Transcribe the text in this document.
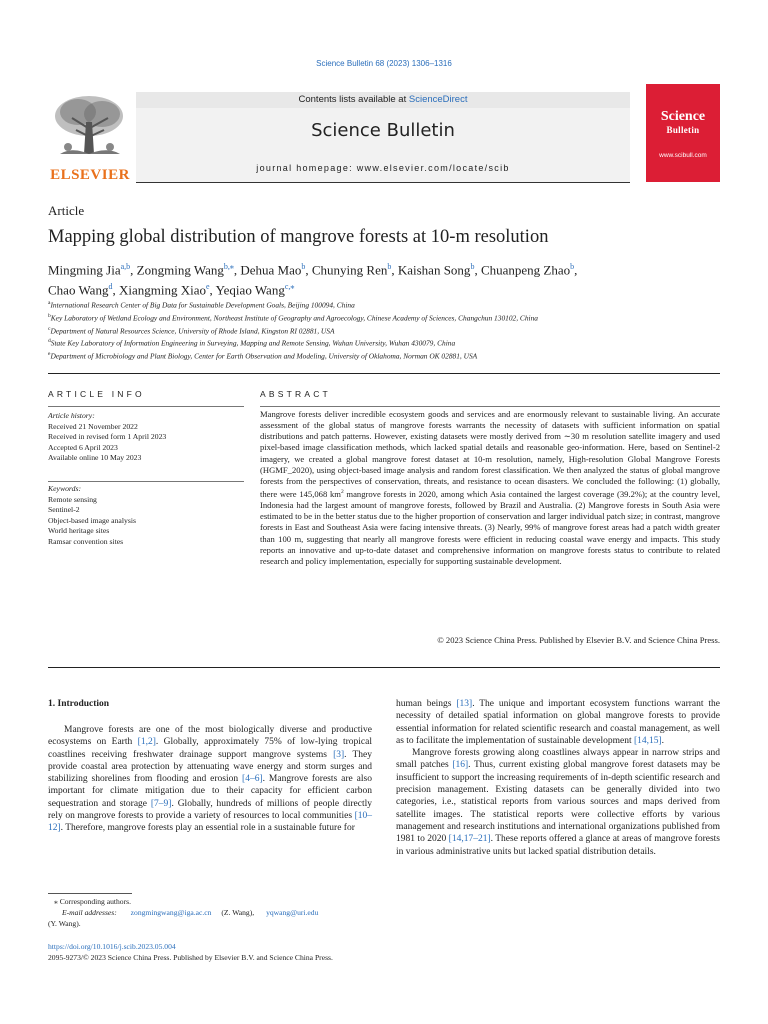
Science Bulletin 68 (2023) 1306–1316
ELSEVIER
Contents lists available at ScienceDirect
Science Bulletin
journal homepage: www.elsevier.com/locate/scib
Science
Bulletin
www.scibull.com
Article
Mapping global distribution of mangrove forests at 10-m resolution
Mingming Jia$^{a,b}$, Zongming Wang$^{b,⁎}$, Dehua Mao$^b$, Chunying Ren$^b$, Kaishan Song$^b$, Chuanpeng Zhao$^b$,
Chao Wang$^d$, Xiangming Xiao$^e$, Yeqiao Wang$^{c,⁎}$
$^a$International Research Center of Big Data for Sustainable Development Goals, Beijing 100094, China
$^b$Key Laboratory of Wetland Ecology and Environment, Northeast Institute of Geography and Agroecology, Chinese Academy of Sciences, Changchun 130102, China
$^c$Department of Natural Resources Science, University of Rhode Island, Kingston RI 02881, USA
$^d$State Key Laboratory of Information Engineering in Surveying, Mapping and Remote Sensing, Wuhan University, Wuhan 430079, China
$^e$Department of Microbiology and Plant Biology, Center for Earth Observation and Modeling, University of Oklahoma, Norman OK 02881, USA
ARTICLE INFO
Article history:
Received 21 November 2022
Received in revised form 1 April 2023
Accepted 6 April 2023
Available online 10 May 2023
Keywords:
Remote sensing
Sentinel-2
Object-based image analysis
World heritage sites
Ramsar convention sites
ABSTRACT
Mangrove forests deliver incredible ecosystem goods and services and are enormously relevant to sustainable living. An accurate assessment of the global status of mangrove forests warrants the necessity of datasets with sufficient information on spatial distributions and patch patterns. However, existing datasets were mostly derived from ∼30 m resolution satellite imagery and used pixel-based image classification methods, which lacked spatial details and reasonable geo-information. Here, based on Sentinel-2 imagery, we created a global mangrove forest dataset at 10-m resolution, namely, High-resolution Global Mangrove Forests (HGMF_2020), using object-based image analysis and random forest classification. We then analyzed the status of global mangrove forests from the perspectives of conservation, threats, and resistance to ocean disasters. We concluded the following: (1) globally, there were 145,068 $km^2$ mangrove forests in 2020, among which Asia contained the largest coverage (39.2%); at the country level, Indonesia had the largest amount of mangrove forests, followed by Brazil and Australia. (2) Mangrove forests in South Asia were estimated to be in the better status due to the higher proportion of conservation and larger individual patch size; in contrast, mangrove forests in East and Southeast Asia were facing intensive threats. (3) Nearly, 99% of mangrove forest areas had a patch width greater than 100 m, suggesting that nearly all mangrove forests were efficient in reducing coastal wave energy and impacts. This study reports an innovative and up-to-date dataset and comprehensive information on mangrove forests status to contribute to related research and policy implementation, especially for supporting sustainable development.
© 2023 Science China Press. Published by Elsevier B.V. and Science China Press.
1. Introduction

Mangrove forests are one of the most biologically diverse and productive ecosystems on Earth [1,2]. Globally, approximately 75% of low-lying tropical coastlines receiving freshwater drainage support mangrove systems [3]. They provide coastal area protection by attenuating wave energy and storm surges and stabilizing shorelines from flooding and erosion [4–6]. Mangrove forests are also important for climate mitigation due to their capacity for efficient carbon sequestration and storage [7–9]. Globally, hundreds of millions of people directly rely on mangrove forests to provide a variety of resources to local communities [10–12]. Therefore, mangrove forests play an essential role in a sustainable future for

human beings [13]. The unique and important ecosystem functions warrant the necessity of detailed spatial information on global mangrove forests to provide essential information for related scientific research and coastal management, as well as to facilitate the implementation of sustainable development [14,15].

Mangrove forests growing along coastlines always appear in narrow strips and small patches [16]. Thus, current existing global mangrove forest datasets may be insufficient to support the increasing requirements of in-depth scientific research and precision management. Existing datasets can be generally divided into two categories, i.e., statistical reports from various sources and maps derived from satellite images. The statistical reports were collective efforts by various management and research institutions and international organizations published from 1981 to 2020 [14,17–21]. These reports offered a glance at areas of mangrove forests in various administrative units but lacked spatial distribution details.

⁎ Corresponding authors.
E-mail addresses: zongmingwang@iga.ac.cn (Z. Wang), yqwang@uri.edu
(Y. Wang).
https://doi.org/10.1016/j.scib.2023.05.004
2095-9273/© 2023 Science China Press. Published by Elsevier B.V. and Science China Press.
